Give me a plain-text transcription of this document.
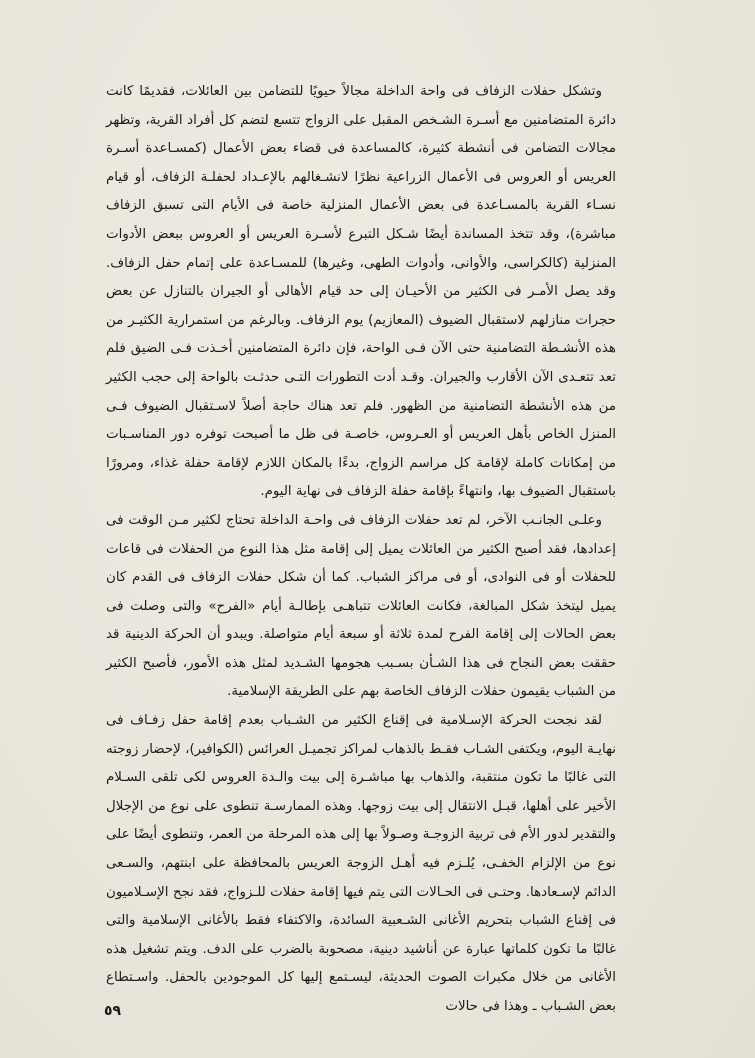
وتشكل حفلات الزفاف فى واحة الداخلة مجالاً حيويًا للتضامن بين العائلات، فقديمًا كانت دائرة المتضامنين مع أسـرة الشـخص المقبل على الزواج تتسع لتضم كل أفراد القرية، وتظهر مجالات التضامن فى أنشطة كثيرة، كالمساعدة فى قضاء بعض الأعمال (كمسـاعدة أسـرة العريس أو العروس فى الأعمال الزراعية نظرًا لانشـغالهم بالإعـداد لحفلـة الزفاف، أو قيام نسـاء القرية بالمسـاعدة فى بعض الأعمال المنزلية خاصة فى الأيام التى تسبق الزفاف مباشرة)، وقد تتخذ المساندة أيضًا شـكل التبرع لأسـرة العريس أو العروس ببعض الأدوات المنزلية (كالكراسى، والأوانى، وأدوات الطهى، وغيرها) للمسـاعدة على إتمام حفل الزفاف. وقد يصل الأمـر فى الكثير من الأحيـان إلى حد قيام الأهالى أو الجيران بالتنازل عن بعض حجرات منازلهم لاستقبال الضيوف (المعازيم) يوم الزفاف. وبالرغم من استمرارية الكثيـر من هذه الأنشـطة التضامنية حتى الآن فـى الواحة، فإن دائرة المتضامنين أخـذت فـى الضيق فلم تعد تتعـدى الآن الأقارب والجيران. وقـد أدت التطورات التـى حدثـت بالواحة إلى حجب الكثير من هذه الأنشطة التضامنية من الظهور. فلم تعد هناك حاجة أصلاً لاسـتقبال الضيوف فـى المنزل الخاص بأهل العريس أو العـروس، خاصـة فى ظل ما أصبحت توفره دور المناسـبات من إمكانات كاملة لإقامة كل مراسم الزواج، بدءًا بالمكان اللازم لإقامة حفلة غذاء، ومرورًا باستقبال الضيوف بها، وانتهاءً بإقامة حفلة الزفاف فى نهاية اليوم.

وعلـى الجانـب الآخر، لم تعد حفلات الزفاف فى واحـة الداخلة تحتاج لكثير مـن الوقت فى إعدادها، فقد أصبح الكثير من العائلات يميل إلى إقامة مثل هذا النوع من الحفلات فى قاعات للحفلات أو فى النوادى، أو فى مراكز الشباب. كما أن شكل حفلات الزفاف فى القدم كان يميل ليتخذ شكل المبالغة، فكانت العائلات تتباهـى بإطالـة أيام «الفرح» والتى وصلت فى بعض الحالات إلى إقامة الفرح لمدة ثلاثة أو سبعة أيام متواصلة. ويبدو أن الحركة الدينية قد حققت بعض النجاح فى هذا الشـأن بسـبب هجومها الشـديد لمثل هذه الأمور، فأصبح الكثير من الشباب يقيمون حفلات الزفاف الخاصة بهم على الطريقة الإسلامية.

لقد نجحت الحركة الإسـلامية فى إقناع الكثير من الشـباب بعدم إقامة حفل زفـاف فى نهايـة اليوم، ويكتفى الشـاب فقـط بالذهاب لمراكز تجميـل العرائس (الكوافير)، لإحضار زوجته التى غالبًا ما تكون منتقبة، والذهاب بها مباشـرة إلى بيت والـدة العروس لكى تلقى السـلام الأخير على أهلها، قبـل الانتقال إلى بيت زوجها. وهذه الممارسـة تنطوى على نوع من الإجلال والتقدير لدور الأم فى تربية الزوجـة وصـولاً بها إلى هذه المرحلة من العمر، وتنطوى أيضًا على نوع من الإلزام الخفـى، يُلـزم فيه أهـل الزوجة العريس بالمحافظة على ابنتهم، والسـعى الدائم لإسـعادها. وحتـى فى الحـالات التى يتم فيها إقامة حفلات للـزواج، فقد نجح الإسـلاميون فى إقناع الشباب بتحريم الأغانى الشـعبية السائدة، والاكتفاء فقط بالأغانى الإسلامية والتى غالبًا ما تكون كلماتها عبارة عن أناشيد دينية، مصحوبة بالضرب على الدف. ويتم تشغيل هذه الأغانى من خلال مكبرات الصوت الحديثة، ليسـتمع إليها كل الموجودين بالحفل. واسـتطاع بعض الشـباب ـ وهذا فى حالات

٥٩
